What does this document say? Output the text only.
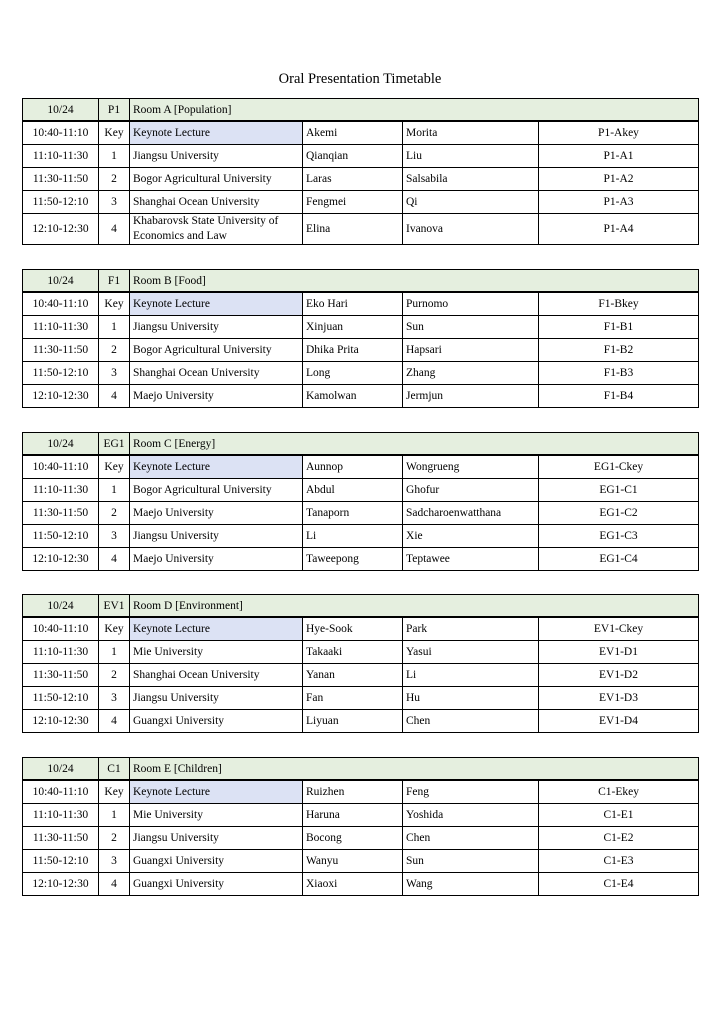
Oral Presentation Timetable
10/24	P1	Room A [Population]			
10:40-11:10	Key	Keynote Lecture	Akemi	Morita	P1-Akey
11:10-11:30	1	Jiangsu University	Qianqian	Liu	P1-A1
11:30-11:50	2	Bogor Agricultural University	Laras	Salsabila	P1-A2
11:50-12:10	3	Shanghai Ocean University	Fengmei	Qi	P1-A3
12:10-12:30	4	Khabarovsk State University of Economics and Law	Elina	Ivanova	P1-A4
10/24	F1	Room B [Food]			
10:40-11:10	Key	Keynote Lecture	Eko Hari	Purnomo	F1-Bkey
11:10-11:30	1	Jiangsu University	Xinjuan	Sun	F1-B1
11:30-11:50	2	Bogor Agricultural University	Dhika Prita	Hapsari	F1-B2
11:50-12:10	3	Shanghai Ocean University	Long	Zhang	F1-B3
12:10-12:30	4	Maejo University	Kamolwan	Jermjun	F1-B4
10/24	EG1	Room C [Energy]			
10:40-11:10	Key	Keynote Lecture	Aunnop	Wongrueng	EG1-Ckey
11:10-11:30	1	Bogor Agricultural University	Abdul	Ghofur	EG1-C1
11:30-11:50	2	Maejo University	Tanaporn	Sadcharoenwatthana	EG1-C2
11:50-12:10	3	Jiangsu University	Li	Xie	EG1-C3
12:10-12:30	4	Maejo University	Taweepong	Teptawee	EG1-C4
10/24	EV1	Room D [Environment]			
10:40-11:10	Key	Keynote Lecture	Hye-Sook	Park	EV1-Ckey
11:10-11:30	1	Mie University	Takaaki	Yasui	EV1-D1
11:30-11:50	2	Shanghai Ocean University	Yanan	Li	EV1-D2
11:50-12:10	3	Jiangsu University	Fan	Hu	EV1-D3
12:10-12:30	4	Guangxi University	Liyuan	Chen	EV1-D4
10/24	C1	Room E [Children]			
10:40-11:10	Key	Keynote Lecture	Ruizhen	Feng	C1-Ekey
11:10-11:30	1	Mie University	Haruna	Yoshida	C1-E1
11:30-11:50	2	Jiangsu University	Bocong	Chen	C1-E2
11:50-12:10	3	Guangxi University	Wanyu	Sun	C1-E3
12:10-12:30	4	Guangxi University	Xiaoxi	Wang	C1-E4
